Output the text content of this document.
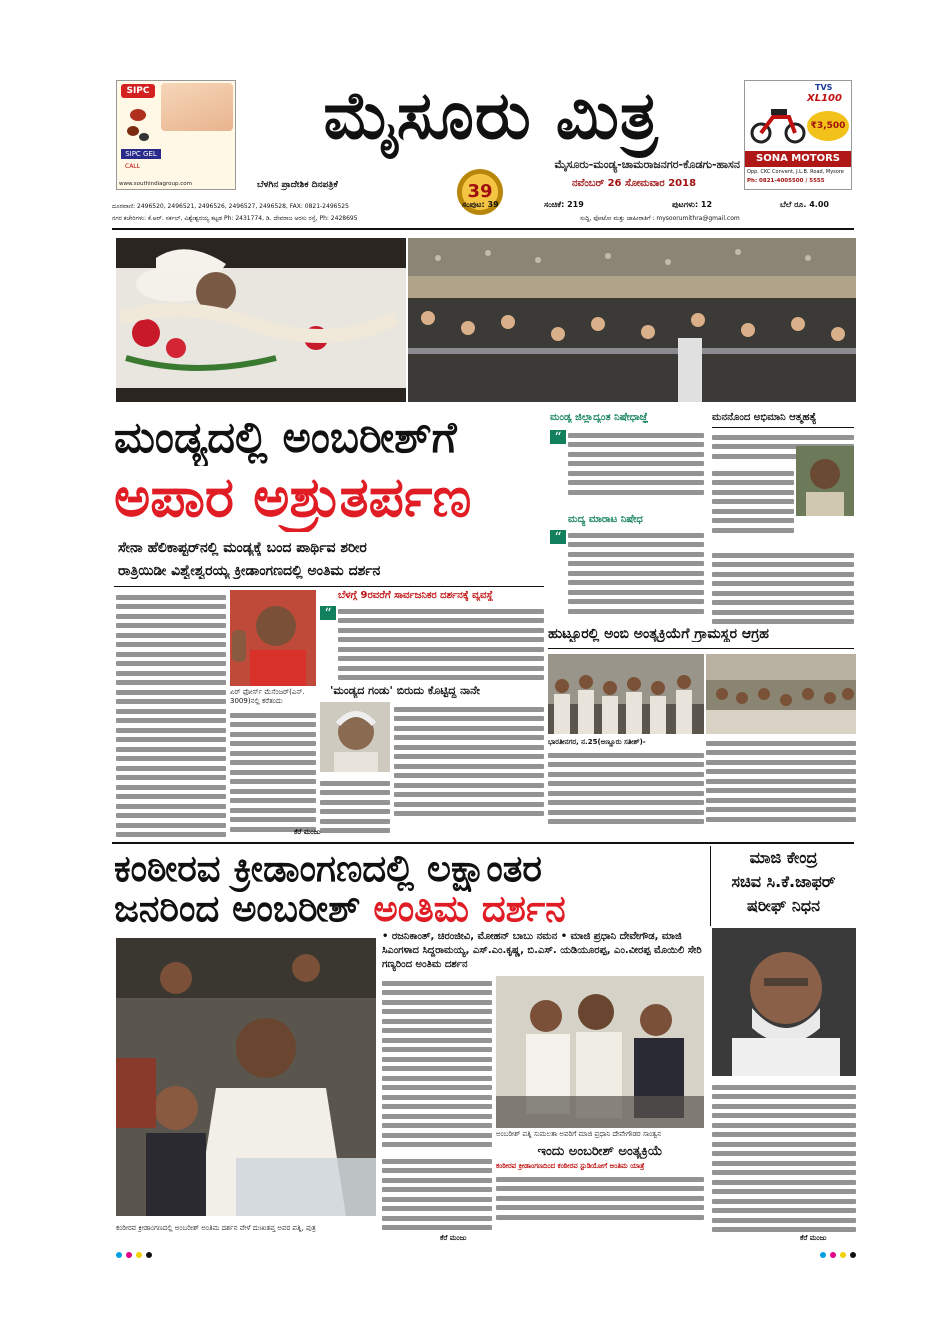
SIPC
SIPC GEL
CALL
www.southindiagroup.com
ಮೈಸೂರು ಮಿತ್ರ
ಮೈಸೂರು-ಮಂಡ್ಯ-ಚಾಮರಾಜನಗರ-ಕೊಡಗು-ಹಾಸನ
ಬೆಳಗಿನ ಪ್ರಾದೇಶಿಕ ದಿನಪತ್ರಿಕೆ	39	ನವೆಂಬರ್ 26 ಸೋಮವಾರ 2018
TVS
XL100
₹3,500
SONA MOTORS
Opp. CKC Convent, J.L.B. Road, Mysore
Ph: 0821-4005500 / 5555
ಸಂಪುಟ: 39	ಸಂಚಿಕೆ: 219	ಪುಟಗಳು: 12	ಬೆಲೆ ರೂ. 4.00
ದೂರವಾಣಿ: 2496520, 2496521, 2496526, 2496527, 2496528, FAX: 0821-2496525
ನಗರ ಕಚೇರಿಗಳು: ಕೆ.ಆರ್. ಸರ್ಕಲ್, ವಿಶ್ವೇಶ್ವರಯ್ಯ ಕಟ್ಟಡ Ph: 2431774, ಡಿ. ದೇವರಾಜ ಅರಸು ರಸ್ತೆ, Ph: 2428695	ಸುದ್ದಿ, ಫೋಟೋ ಮತ್ತು ಜಾಹೀರಾತಿಗೆ : mysoorumithra@gmail.com
ಮಂಡ್ಯದಲ್ಲಿ ಅಂಬರೀಶ್‌ಗೆ
ಅಪಾರ ಅಶ್ರುತರ್ಪಣ
ಸೇನಾ ಹೆಲಿಕಾಪ್ಟರ್‌ನಲ್ಲಿ ಮಂಡ್ಯಕ್ಕೆ ಬಂದ ಪಾರ್ಥಿವ ಶರೀರ
ರಾತ್ರಿಯಿಡೀ ವಿಶ್ವೇಶ್ವರಯ್ಯ ಕ್ರೀಡಾಂಗಣದಲ್ಲಿ ಅಂತಿಮ ದರ್ಶನ
ಏರ್ ಫೋರ್ಸ್ ಮೆಸೆಂಜರ್‌(ಎನ್. 3009)ನಲ್ಲಿ ಕರೆತಂದು
ಬೆಳಗ್ಗೆ 9ರವರೆಗೆ ಸಾರ್ವಜನಿಕರ ದರ್ಶನಕ್ಕೆ ವ್ಯವಸ್ಥೆ
“
'ಮಂಡ್ಯದ ಗಂಡು' ಬಿರುದು ಕೊಟ್ಟಿದ್ದ ನಾನೇ
ಕೆರೆ ಮಂಜು
ಮಂಡ್ಯ ಜಿಲ್ಲಾದ್ಯಂತ ನಿಷೇಧಾಜ್ಞೆ
“
ಮದ್ಯ ಮಾರಾಟ ನಿಷೇಧ
“
ಮನನೊಂದ ಅಭಿಮಾನಿ ಆತ್ಮಹತ್ಯೆ
ಹುಟ್ಟೂರಲ್ಲಿ ಅಂಬಿ ಅಂತ್ಯಕ್ರಿಯೆಗೆ ಗ್ರಾಮಸ್ಥರ ಆಗ್ರಹ
ಭಾರತೀನಗರ, ನ.25(ಅಣ್ಣೂರು ಸತೀಶ್)-
ಕಂಠೀರವ ಕ್ರೀಡಾಂಗಣದಲ್ಲಿ ಲಕ್ಷಾಂತರ
ಜನರಿಂದ ಅಂಬರೀಶ್ ಅಂತಿಮ ದರ್ಶನ
ಕಂಠೀರವ ಕ್ರೀಡಾಂಗಣದಲ್ಲಿ ಅಂಬರೀಶ್ ಅಂತಿಮ ದರ್ಶನ ವೇಳೆ ದುಃಖತಪ್ತ ಅವರ ಪತ್ನಿ, ಪುತ್ರ
• ರಜನಿಕಾಂತ್, ಚಿರಂಜೀವಿ, ಮೋಹನ್ ಬಾಬು ನಮನ • ಮಾಜಿ ಪ್ರಧಾನಿ ದೇವೇಗೌಡ, ಮಾಜಿ ಸಿಎಂಗಳಾದ ಸಿದ್ದರಾಮಯ್ಯ, ಎಸ್.ಎಂ.ಕೃಷ್ಣ, ಬಿ.ಎಸ್. ಯಡಿಯೂರಪ್ಪ, ಎಂ.ವೀರಪ್ಪ ಮೊಯಿಲಿ ಸೇರಿ ಗಣ್ಯರಿಂದ ಅಂತಿಮ ದರ್ಶನ
ಅಂಬರೀಶ್ ಪತ್ನಿ ಸುಮಲತಾ ಅವರಿಗೆ ಮಾಜಿ ಪ್ರಧಾನಿ ದೇವೇಗೌಡರ ಸಾಂತ್ವನ
ಇಂದು ಅಂಬರೀಶ್ ಅಂತ್ಯಕ್ರಿಯೆ
ಕಂಠೀರವ ಕ್ರೀಡಾಂಗಣದಿಂದ ಕಂಠೀರವ ಸ್ಟುಡಿಯೋಗೆ ಅಂತಿಮ ಯಾತ್ರೆ
ಕೆರೆ ಮಂಜು
ಮಾಜಿ ಕೇಂದ್ರ
ಸಚಿವ ಸಿ.ಕೆ.ಜಾಫರ್
ಷರೀಫ್ ನಿಧನ
ಕೆರೆ ಮಂಜು
